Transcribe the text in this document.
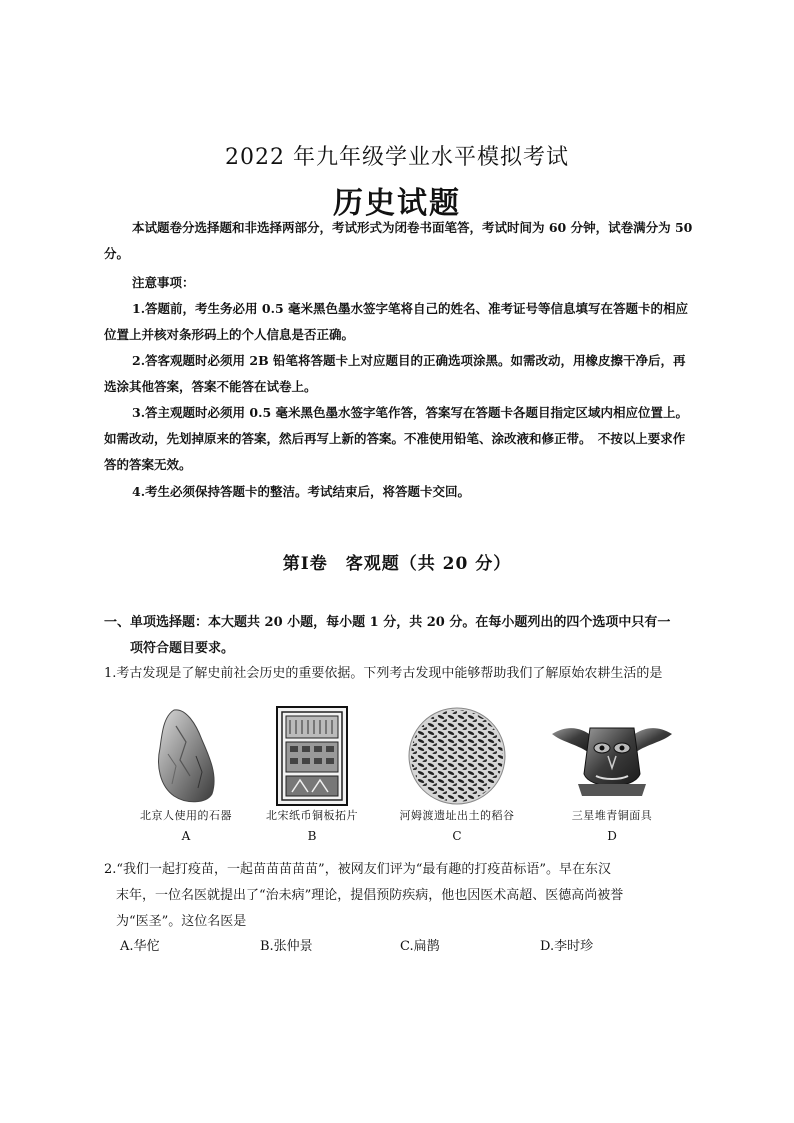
2022 年九年级学业水平模拟考试
历史试题

本试题卷分选择题和非选择两部分，考试形式为闭卷书面笔答，考试时间为 60 分钟，试卷满分为 50 分。

注意事项：

1.答题前，考生务必用 0.5 毫米黑色墨水签字笔将自己的姓名、准考证号等信息填写在答题卡的相应位置上并核对条形码上的个人信息是否正确。

2.答客观题时必须用 2B 铅笔将答题卡上对应题目的正确选项涂黑。如需改动，用橡皮擦干净后，再选涂其他答案，答案不能答在试卷上。

3.答主观题时必须用 0.5 毫米黑色墨水签字笔作答，答案写在答题卡各题目指定区域内相应位置上。如需改动，先划掉原来的答案，然后再写上新的答案。不准使用铅笔、涂改液和修正带。　不按以上要求作答的答案无效。

4.考生必须保持答题卡的整洁。考试结束后，将答题卡交回。

第Ⅰ卷　客观题（共 20 分）
一、单项选择题：本大题共 20 小题，每小题 1 分，共 20 分。在每小题列出的四个选项中只有一
项符合题目要求。
1.考古发现是了解史前社会历史的重要依据。下列考古发现中能够帮助我们了解原始农耕生活的是
北京人使用的石器
A
北宋纸币铜板拓片
B
河姆渡遗址出土的稻谷
C
三星堆青铜面具
D
2.“我们一起打疫苗，一起苗苗苗苗苗”，被网友们评为“最有趣的打疫苗标语”。早在东汉
末年，一位名医就提出了“治未病”理论，提倡预防疾病，他也因医术高超、医德高尚被誉
为“医圣”。这位名医是
A.华佗	B.张仲景	C.扁鹊	D.李时珍
